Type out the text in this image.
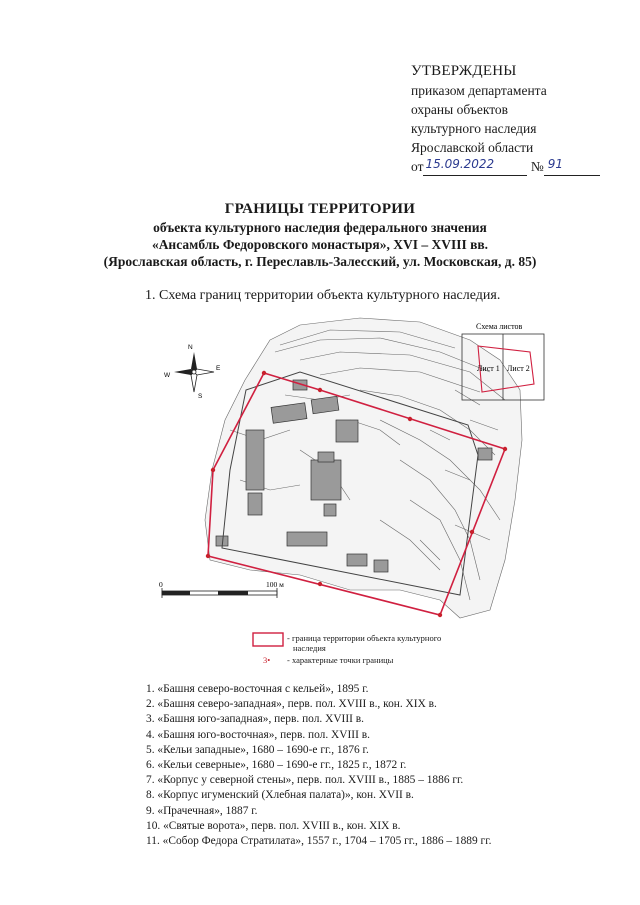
УТВЕРЖДЕНЫ
приказом департамента
охраны объектов
культурного наследия
Ярославской области
от 15.09.2022	№ 91
ГРАНИЦЫ ТЕРРИТОРИИ
объекта культурного наследия федерального значения
«Ансамбль Федоровского монастыря», XVI – XVIII вв.
(Ярославская область, г. Переславль-Залесский, ул. Московская, д. 85)
1. Схема границ территории объекта культурного наследия.
N
S
E
W
Лист 1 Лист 2
Схема листов
0	100 м
- граница территории объекта культурного
наследия
3• - характерные точки границы
1. «Башня северо-восточная с кельей», 1895 г.
2. «Башня северо-западная», перв. пол. XVIII в., кон. XIX в.
3. «Башня юго-западная», перв. пол. XVIII в.
4. «Башня юго-восточная», перв. пол. XVIII в.
5. «Кельи западные», 1680 – 1690-е гг., 1876 г.
6. «Кельи северные», 1680 – 1690-е гг., 1825 г., 1872 г.
7. «Корпус у северной стены», перв. пол. XVIII в., 1885 – 1886 гг.
8. «Корпус игуменский (Хлебная палата)», кон. XVII в.
9. «Прачечная», 1887 г.
10. «Святые ворота», перв. пол. XVIII в., кон. XIX в.
11. «Собор Федора Стратилата», 1557 г., 1704 – 1705 гг., 1886 – 1889 гг.
